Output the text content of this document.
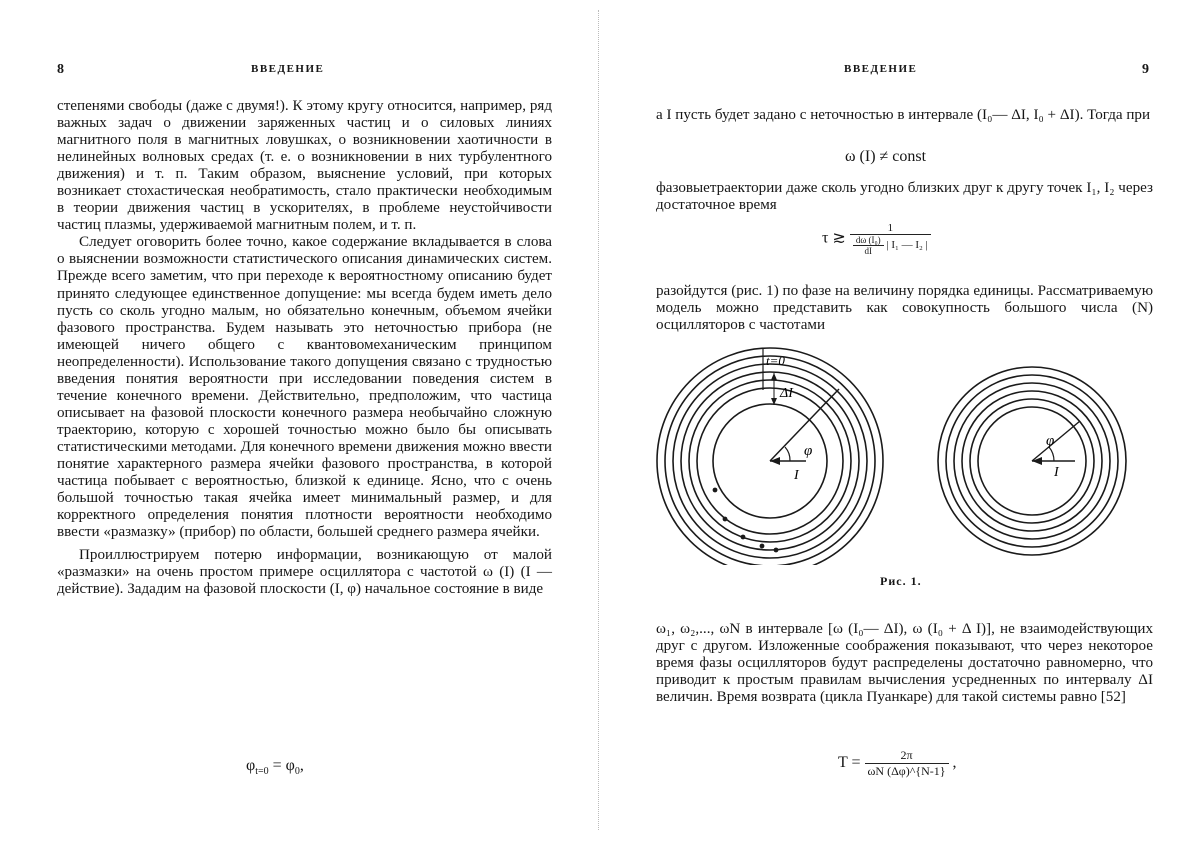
8	ВВЕДЕНИЕ

степенями свободы (даже с двумя!). К этому кругу относится, например, ряд важных задач о движении заряженных частиц и о силовых линиях магнитного поля в магнитных ловушках, о возникновении хаотичности в нелинейных волновых средах (т. е. о возникновении в них турбулентного движения) и т. п. Таким образом, выяснение условий, при которых возникает стохастическая необратимость, стало практически необходимым в теории движения частиц в ускорителях, в проблеме неустойчивости частиц плазмы, удерживаемой магнитным полем, и т. п.

Следует оговорить более точно, какое содержание вкладывается в слова о выяснении возможности статистического описания динамических систем. Прежде всего заметим, что при переходе к вероятностному описанию будет принято следующее единственное допущение: мы всегда будем иметь дело пусть со сколь угодно малым, но обязательно конечным, объемом ячейки фазового пространства. Будем называть это неточностью прибора (не имеющей ничего общего с квантовомеханическим принципом неопределенности). Использование такого допущения связано с трудностью введения понятия вероятности при исследовании поведения систем в течение конечного времени. Действительно, предположим, что частица описывает на фазовой плоскости конечного размера необычайно сложную траекторию, которую с хорошей точностью можно было бы описывать статистическими методами. Для конечного времени движения можно ввести понятие характерного размера ячейки фазового пространства, в которой частица побывает с вероятностью, близкой к единице. Ясно, что с очень большой точностью такая ячейка имеет минимальный размер, и для корректного определения понятия плотности вероятности необходимо ввести «размазку» (прибор) по области, большей среднего размера ячейки.

Проиллюстрируем потерю информации, возникающую от малой «размазки» на очень простом примере осциллятора с частотой ω (I) (I — действие). Зададим на фазовой плоскости (I, φ) начальное состояние в виде

$\varphi_{t=0} = \varphi_0$,
ВВЕДЕНИЕ	9
а I пусть будет задано с неточностью в интервале (I₀— ΔI, I₀ + ΔI). Тогда при
ω (I) ≠ const
фазовыетраектории даже сколь угодно близких друг к другу точек I₁, I₂ через достаточное время
τ ≳ $\frac{1}{\frac{\text{dω (I₀)}}{dI} | I_1 — I_2 |}$
разойдутся (рис. 1) по фазе на величину порядка единицы. Рассматриваемую модель можно представить как совокупность большого числа (N) осцилляторов с частотами
t=0
ΔI
φ
I
φ
I
Рис. 1.
ω₁, ω₂,..., ωN в интервале [ω (I₀— ΔI), ω (I₀ + Δ I)], не взаимодействующих друг с другом. Изложенные соображения показывают, что через некоторое время фазы осцилляторов будут распределены достаточно равномерно, что приводит к простым правилам вычисления усредненных по интервалу ΔI величин. Время возврата (цикла Пуанкаре) для такой системы равно [52]
$T = \frac{2\pi}{\omega N (\Delta\varphi)\^{}\{N-1\}}$ ,
